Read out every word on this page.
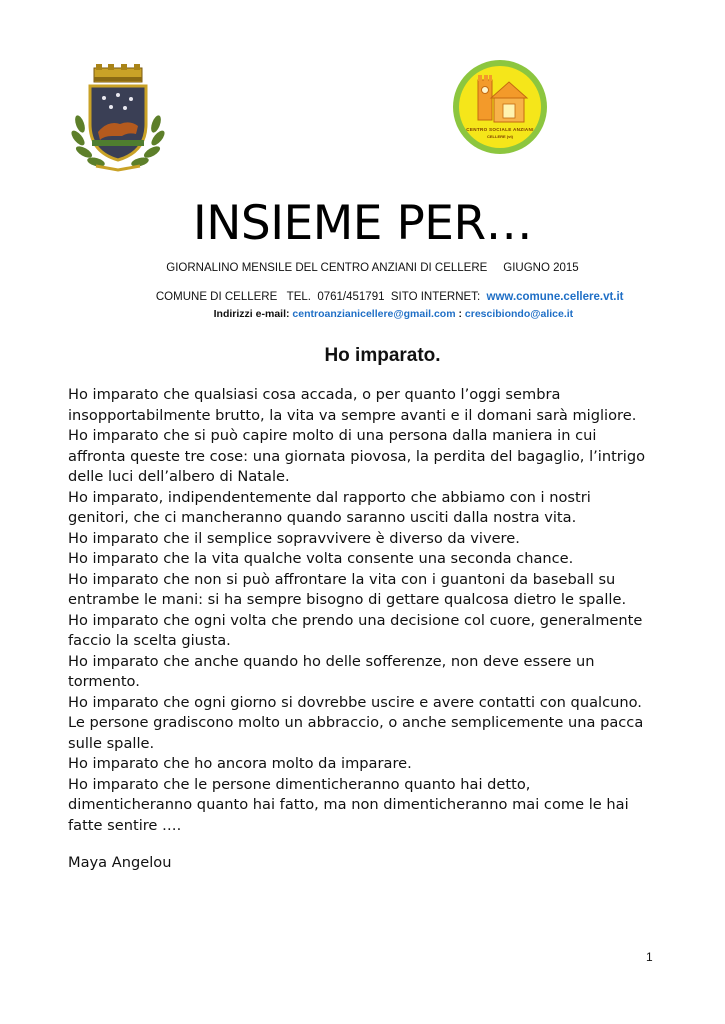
CENTRO SOCIALE ANZIANI
CELLERE (vt)
INSIEME PER…
GIORNALINO MENSILE DEL CENTRO ANZIANI DI CELLERE     GIUGNO 2015

COMUNE DI CELLERE   TEL.  0761/451791  SITO INTERNET:  www.comune.cellere.vt.it

Indirizzi e-mail: centroanzianicellere@gmail.com : crescibiondo@alice.it

Ho imparato.
Ho imparato che qualsiasi cosa accada, o per quanto l’oggi sembra
insopportabilmente brutto, la vita va sempre avanti e il domani sarà migliore.
Ho imparato che si può capire molto di una persona dalla maniera in cui
affronta queste tre cose: una giornata piovosa, la perdita del bagaglio, l’intrigo
delle luci dell’albero di Natale.
Ho imparato, indipendentemente dal rapporto che abbiamo con i nostri
genitori, che ci mancheranno quando saranno usciti dalla nostra vita.
Ho imparato che il semplice sopravvivere è diverso da vivere.
Ho imparato che la vita qualche volta consente una seconda chance.
Ho imparato che non si può affrontare la vita con i guantoni da baseball su
entrambe le mani: si ha sempre bisogno di gettare qualcosa dietro le spalle.
Ho imparato che ogni volta che prendo una decisione col cuore, generalmente
faccio la scelta giusta.
Ho imparato che anche quando ho delle sofferenze, non deve essere un
tormento.
Ho imparato che ogni giorno si dovrebbe uscire e avere contatti con qualcuno.
Le persone gradiscono molto un abbraccio, o anche semplicemente una pacca
sulle spalle.
Ho imparato che ho ancora molto da imparare.
Ho imparato che le persone dimenticheranno quanto hai detto,
dimenticheranno quanto hai fatto, ma non dimenticheranno mai come le hai
fatte sentire ….
Maya Angelou
1
